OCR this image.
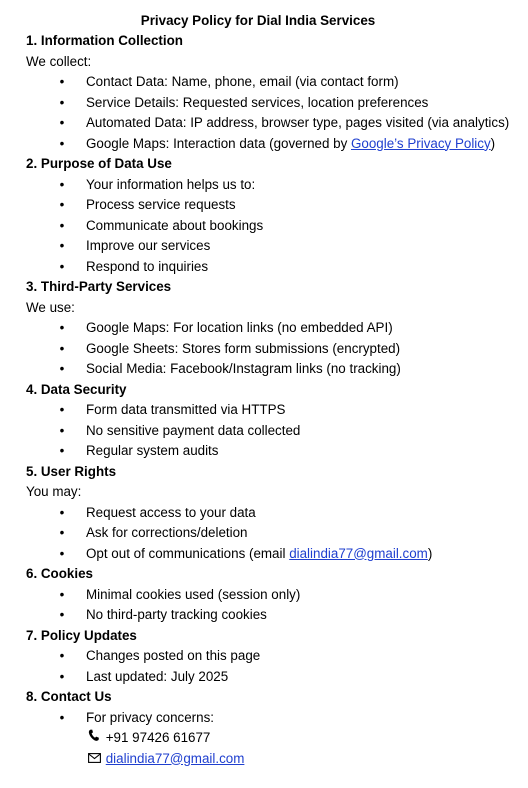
Privacy Policy for Dial India Services
1. Information Collection
We collect:
• Contact Data: Name, phone, email (via contact form)
• Service Details: Requested services, location preferences
• Automated Data: IP address, browser type, pages visited (via analytics)
• Google Maps: Interaction data (governed by Google’s Privacy Policy)
2. Purpose of Data Use
• Your information helps us to:
• Process service requests
• Communicate about bookings
• Improve our services
• Respond to inquiries
3. Third-Party Services
We use:
• Google Maps: For location links (no embedded API)
• Google Sheets: Stores form submissions (encrypted)
• Social Media: Facebook/Instagram links (no tracking)
4. Data Security
• Form data transmitted via HTTPS
• No sensitive payment data collected
• Regular system audits
5. User Rights
You may:
• Request access to your data
• Ask for corrections/deletion
• Opt out of communications (email dialindia77@gmail.com)
6. Cookies
• Minimal cookies used (session only)
• No third-party tracking cookies
7. Policy Updates
• Changes posted on this page
• Last updated: July 2025
8. Contact Us
• For privacy concerns:
+91 97426 61677
dialindia77@gmail.com
